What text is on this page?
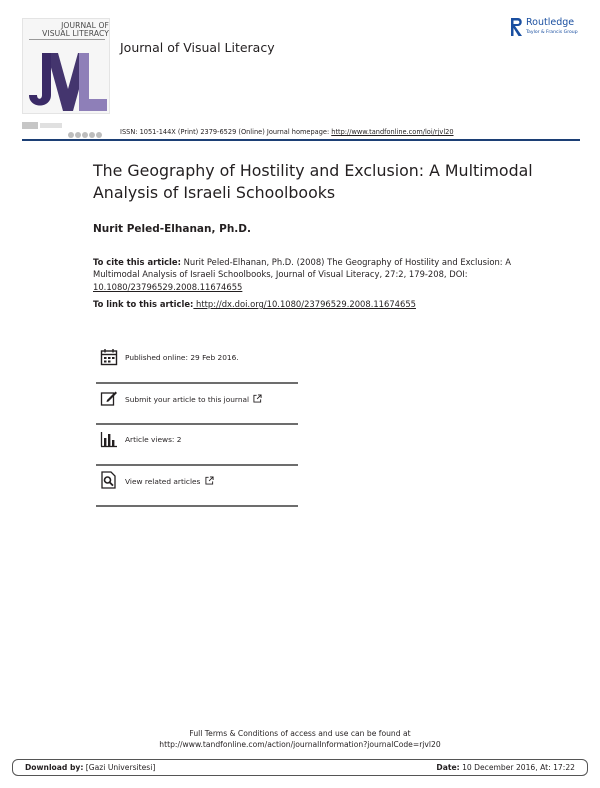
JOURNAL OF
VISUAL LITERACY
Journal of Visual Literacy
Routledge
Taylor & Francis Group
ISSN: 1051-144X (Print) 2379-6529 (Online) Journal homepage: http://www.tandfonline.com/loi/rjvl20
The Geography of Hostility and Exclusion: A Multimodal Analysis of Israeli Schoolbooks
Nurit Peled-Elhanan, Ph.D.
To cite this article: Nurit Peled-Elhanan, Ph.D. (2008) The Geography of Hostility and Exclusion: A Multimodal Analysis of Israeli Schoolbooks, Journal of Visual Literacy, 27:2, 179-208, DOI: 10.1080/23796529.2008.11674655
To link to this article: http://dx.doi.org/10.1080/23796529.2008.11674655
Published online: 29 Feb 2016.
Submit your article to this journal
Article views: 2
View related articles
Full Terms & Conditions of access and use can be found at
http://www.tandfonline.com/action/journalInformation?journalCode=rjvl20
Download by: [Gazi Universitesi]	Date: 10 December 2016, At: 17:22
